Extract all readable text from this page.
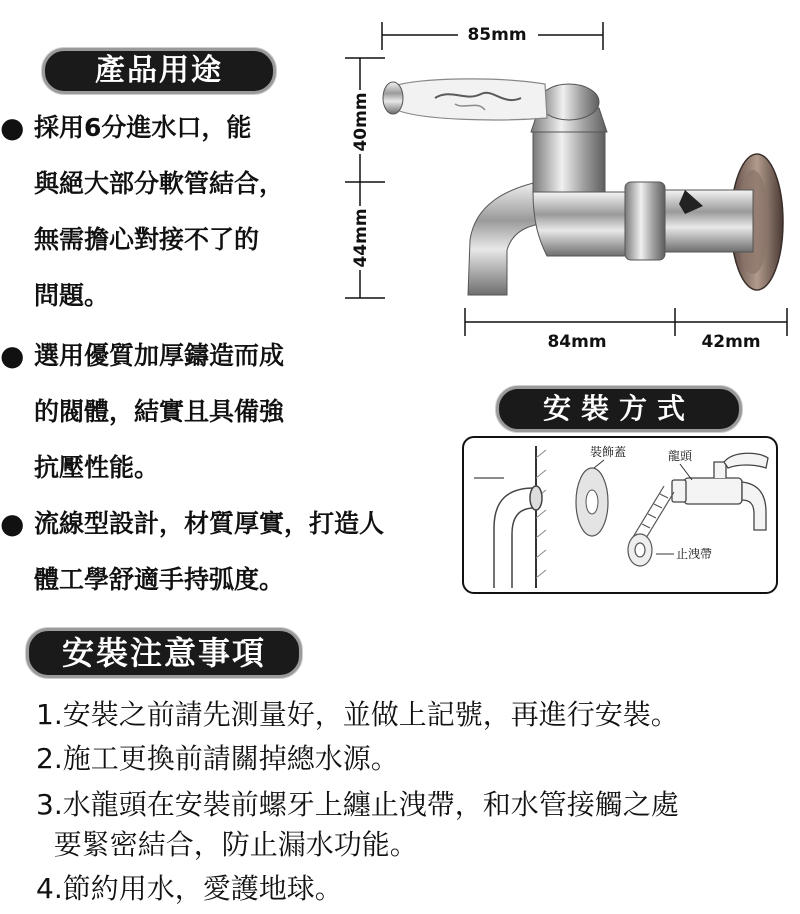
產品用途
● 採用6分進水口，能
與絕大部分軟管結合，
無需擔心對接不了的
問題。
● 選用優質加厚鑄造而成
的閥體，結實且具備強
抗壓性能。
● 流線型設計，材質厚實，打造人
體工學舒適手持弧度。
85mm
40mm
44mm
84mm	42mm
安裝方式
裝飾蓋	龍頭
止洩帶
安裝注意事項
1.安裝之前請先測量好，並做上記號，再進行安裝。
2.施工更換前請關掉總水源。
3.水龍頭在安裝前螺牙上纏止洩帶，和水管接觸之處
要緊密結合，防止漏水功能。
4.節約用水，愛護地球。
